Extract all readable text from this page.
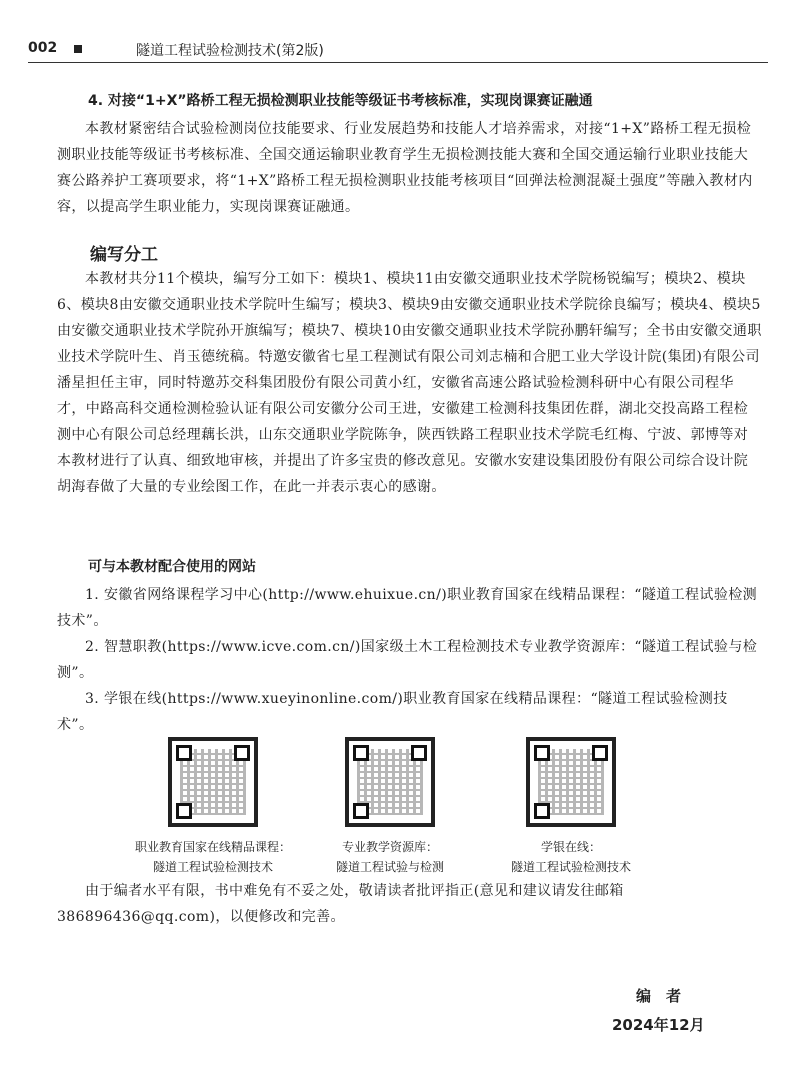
002	隧道工程试验检测技术(第2版)
4. 对接“1+X”路桥工程无损检测职业技能等级证书考核标准，实现岗课赛证融通
本教材紧密结合试验检测岗位技能要求、行业发展趋势和技能人才培养需求，对接“1+X”路桥工程无损检测职业技能等级证书考核标准、全国交通运输职业教育学生无损检测技能大赛和全国交通运输行业职业技能大赛公路养护工赛项要求，将“1+X”路桥工程无损检测职业技能考核项目“回弹法检测混凝土强度”等融入教材内容，以提高学生职业能力，实现岗课赛证融通。
编写分工
本教材共分11个模块，编写分工如下：模块1、模块11由安徽交通职业技术学院杨锐编写；模块2、模块6、模块8由安徽交通职业技术学院叶生编写；模块3、模块9由安徽交通职业技术学院徐良编写；模块4、模块5由安徽交通职业技术学院孙开旗编写；模块7、模块10由安徽交通职业技术学院孙鹏轩编写；全书由安徽交通职业技术学院叶生、肖玉德统稿。特邀安徽省七星工程测试有限公司刘志楠和合肥工业大学设计院(集团)有限公司潘星担任主审，同时特邀苏交科集团股份有限公司黄小红，安徽省高速公路试验检测科研中心有限公司程华才，中路高科交通检测检验认证有限公司安徽分公司王进，安徽建工检测科技集团佐群，湖北交投高路工程检测中心有限公司总经理藕长洪，山东交通职业学院陈争，陕西铁路工程职业技术学院毛红梅、宁波、郭博等对本教材进行了认真、细致地审核，并提出了许多宝贵的修改意见。安徽水安建设集团股份有限公司综合设计院胡海春做了大量的专业绘图工作，在此一并表示衷心的感谢。
可与本教材配合使用的网站

1. 安徽省网络课程学习中心(http://www.ehuixue.cn/)职业教育国家在线精品课程：“隧道工程试验检测技术”。

2. 智慧职教(https://www.icve.com.cn/)国家级土木工程检测技术专业教学资源库：“隧道工程试验与检测”。

3. 学银在线(https://www.xueyinonline.com/)职业教育国家在线精品课程：“隧道工程试验检测技术”。

职业教育国家在线精品课程：
隧道工程试验检测技术
专业教学资源库：
隧道工程试验与检测
学银在线：
隧道工程试验检测技术
由于编者水平有限，书中难免有不妥之处，敬请读者批评指正(意见和建议请发往邮箱386896436@qq.com)，以便修改和完善。
编　者
2024年12月
